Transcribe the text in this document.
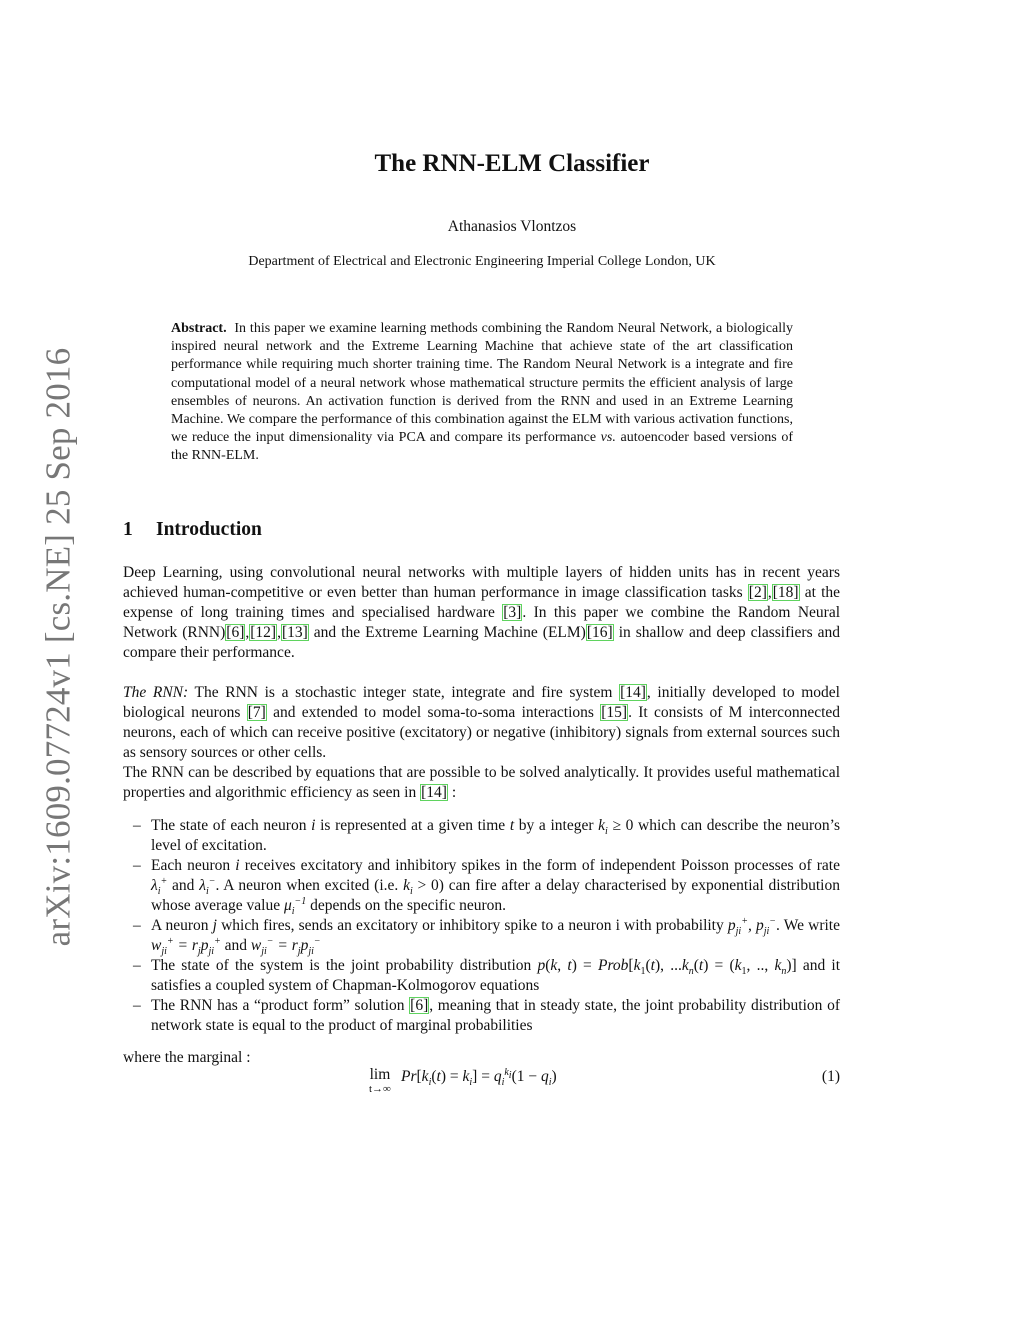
arXiv:1609.07724v1 [cs.NE] 25 Sep 2016
The RNN-ELM Classifier

Athanasios Vlontzos

Department of Electrical and Electronic Engineering Imperial College London, UK

Abstract. In this paper we examine learning methods combining the Random Neural Network, a biologically inspired neural network and the Extreme Learning Machine that achieve state of the art classification performance while requiring much shorter training time. The Random Neural Network is a integrate and fire computational model of a neural network whose mathematical structure permits the efficient analysis of large ensembles of neurons. An activation function is derived from the RNN and used in an Extreme Learning Machine. We compare the performance of this combination against the ELM with various activation functions, we reduce the input dimensionality via PCA and compare its performance vs. autoencoder based versions of the RNN-ELM.

1 Introduction

Deep Learning, using convolutional neural networks with multiple layers of hidden units has in recent years achieved human-competitive or even better than human performance in image classification tasks [2],[18] at the expense of long training times and specialised hardware [3]. In this paper we combine the Random Neural Network (RNN)[6],[12],[13] and the Extreme Learning Machine (ELM)[16] in shallow and deep classifiers and compare their performance.

The RNN: The RNN is a stochastic integer state, integrate and fire system [14], initially developed to model biological neurons [7] and extended to model soma-to-soma interactions [15]. It consists of M interconnected neurons, each of which can receive positive (excitatory) or negative (inhibitory) signals from external sources such as sensory sources or other cells.

The RNN can be described by equations that are possible to be solved analytically. It provides useful mathematical properties and algorithmic efficiency as seen in [14] :

– The state of each neuron i is represented at a given time t by a integer $k_i \ge 0$ which can describe the neuron’s level of excitation.
– Each neuron i receives excitatory and inhibitory spikes in the form of independent Poisson processes of rate $\lambda_i^+$ and $\lambda_i^-$. A neuron when excited (i.e. $k_i > 0$) can fire after a delay characterised by exponential distribution whose average value $\mu_i^{-1}$ depends on the specific neuron.
– A neuron j which fires, sends an excitatory or inhibitory spike to a neuron i with probability $p_{ji}^+$, $p_{ji}^-$. We write $w_{ji}^+ = r_jp_{ji}^+$ and $w_{ji}^- = r_jp_{ji}^-$
– The state of the system is the joint probability distribution p(k, $t) = Prob[k_1(t)$, $...k_n(t) = (k_1$, .., $k_n$)] and it satisfies a coupled system of Chapman-Kolmogorov equations
– The RNN has a “product form” solution [6], meaning that in steady state, the joint probability distribution of network state is equal to the product of marginal probabilities

where the marginal :

lim
t→∞
$Pr[k_i(t) = k_i] = q_i^{k_i}(1 - q_i)$	(1)
